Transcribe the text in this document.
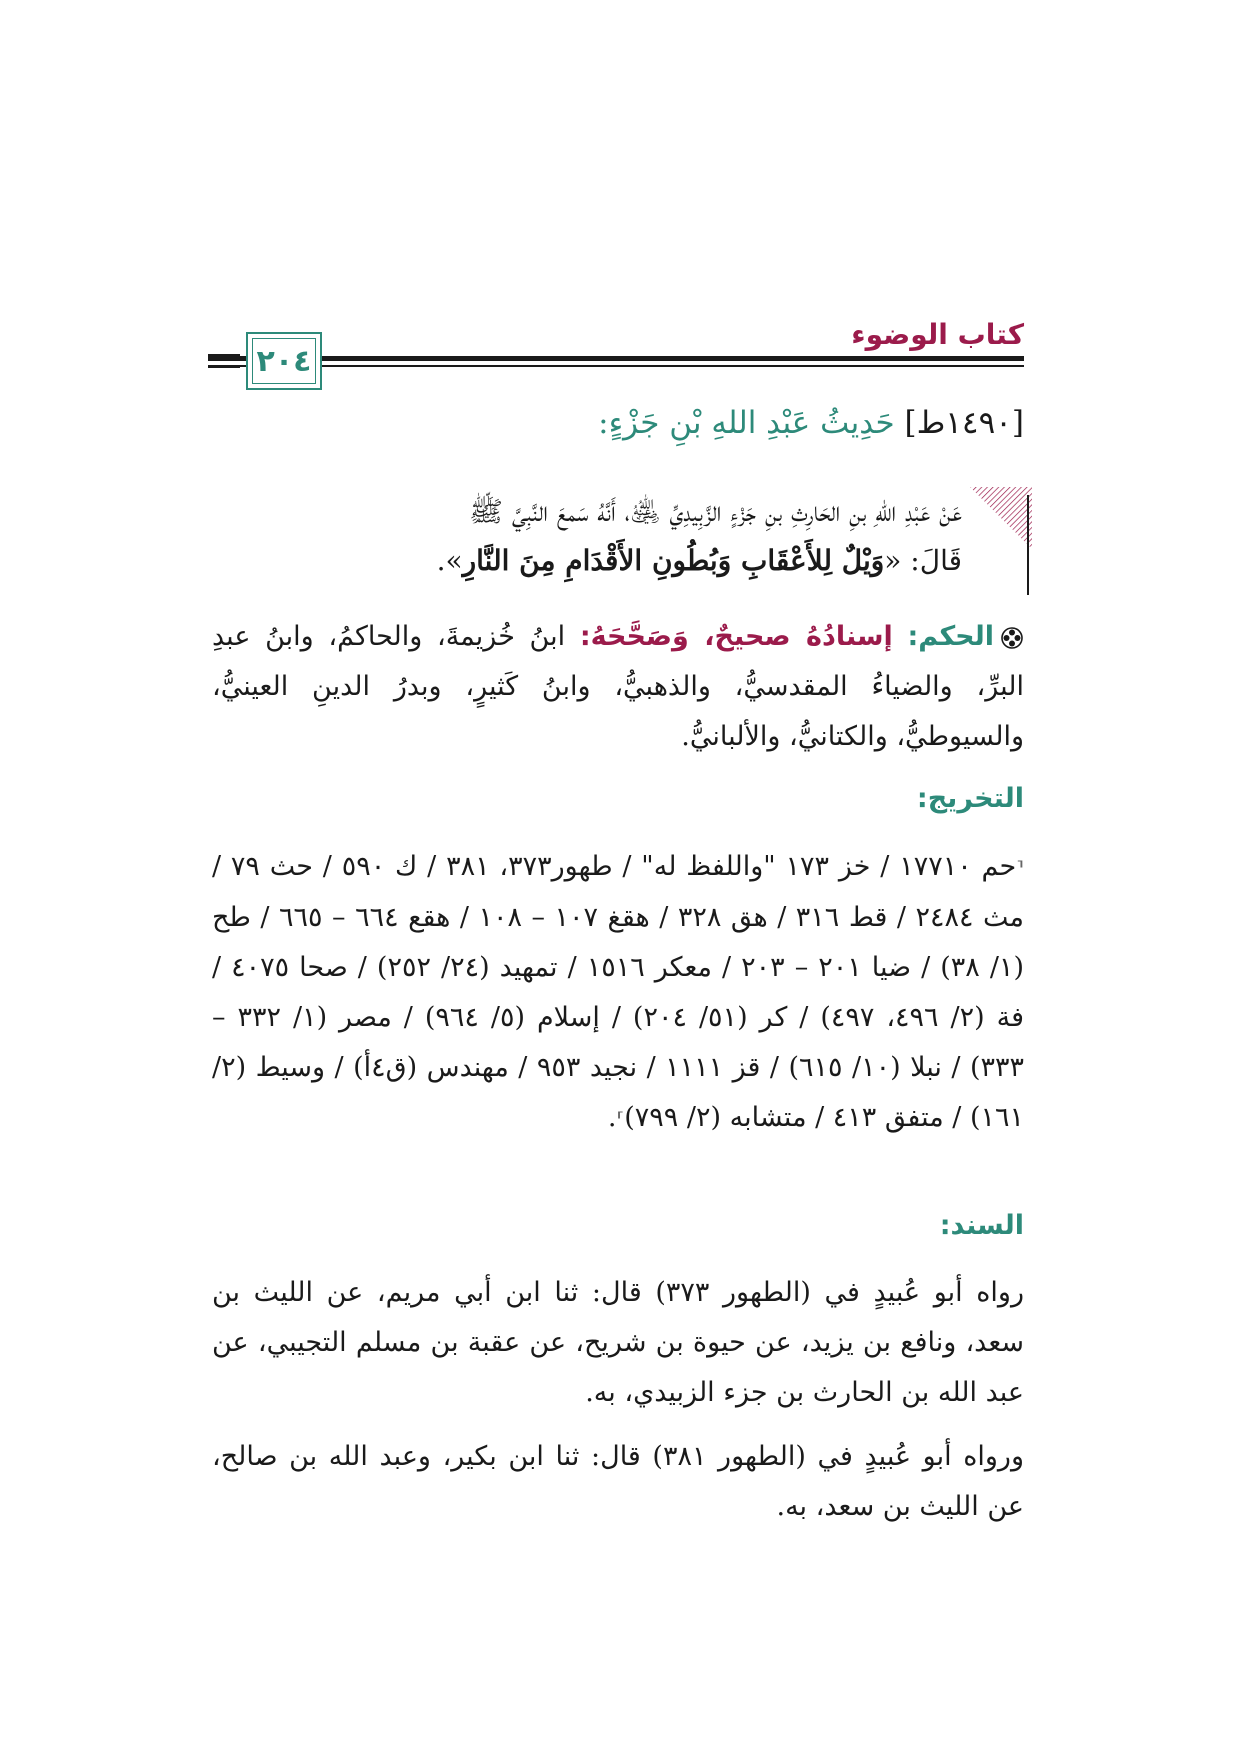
كتاب الوضوء
٢٠٤
[١٤٩٠ط] حَدِيثُ عَبْدِ اللهِ بْنِ جَزْءٍ:

عَنْ عَبْدِ اللهِ بنِ الحَارِثِ بنِ جَزْءٍ الزَّبِيدِيِّ ﵁، أَنَّهُ سَمعَ النَّبِيَّ ﷺ

قَالَ: «وَيْلٌ لِلأَعْقَابِ وَبُطُونِ الأَقْدَامِ مِنَ النَّارِ».

الحكم: إسنادُهُ صحيحٌ، وَصَحَّحَهُ: ابنُ خُزيمةَ، والحاكمُ، وابنُ عبدِ البرِّ، والضياءُ المقدسيُّ، والذهبيُّ، وابنُ كَثيرٍ، وبدرُ الدينِ العينيُّ، والسيوطيُّ، والكتانيُّ، والألبانيُّ.

التخريج:

⸢حم ١٧٧١٠ / خز ١٧٣ "واللفظ له" / طهور٣٧٣، ٣٨١ / ك ٥٩٠ / حث ٧٩ / مث ٢٤٨٤ / قط ٣١٦ / هق ٣٢٨ / هقغ ١٠٧ – ١٠٨ / هقع ٦٦٤ – ٦٦٥ / طح (١/ ٣٨) / ضيا ٢٠١ – ٢٠٣ / معكر ١٥١٦ / تمهيد (٢٤/ ٢٥٢) / صحا ٤٠٧٥ / فة (٢/ ٤٩٦، ٤٩٧) / كر (٥١/ ٢٠٤) / إسلام (٥/ ٩٦٤) / مصر (١/ ٣٣٢ – ٣٣٣) / نبلا (١٠/ ٦١٥) / قز ١١١١ / نجيد ٩٥٣ / مهندس (ق٤أ) / وسيط (٢/ ١٦١) / متفق ٤١٣ / متشابه (٢/ ٧٩٩)⸣.

السند:

رواه أبو عُبيدٍ في (الطهور ٣٧٣) قال: ثنا ابن أبي مريم، عن الليث بن سعد، ونافع بن يزيد، عن حيوة بن شريح، عن عقبة بن مسلم التجيبي، عن عبد الله بن الحارث بن جزء الزبيدي، به.

ورواه أبو عُبيدٍ في (الطهور ٣٨١) قال: ثنا ابن بكير، وعبد الله بن صالح، عن الليث بن سعد، به.
